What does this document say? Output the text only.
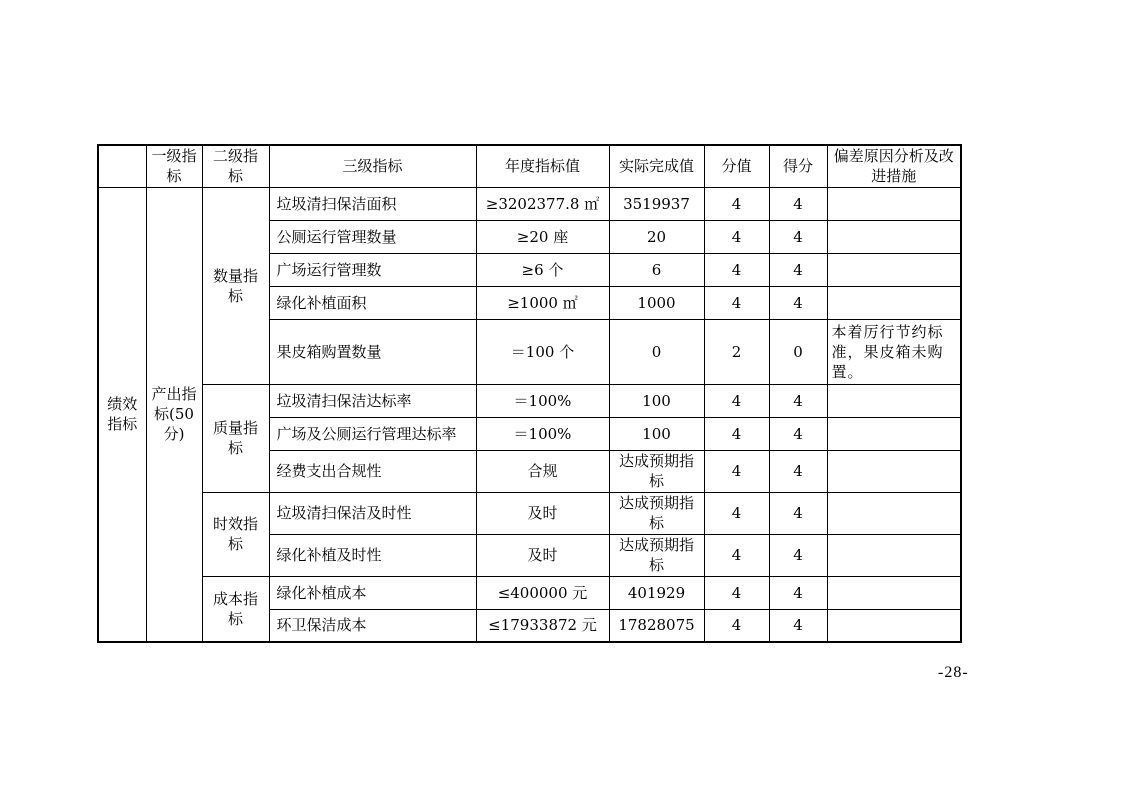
	一级指标	二级指标	三级指标	年度指标值	实际完成值	分值	得分	偏差原因分析及改进措施
绩效指标	产出指标(50分)	数量指标	垃圾清扫保洁面积	≥3202377.8 ㎡	3519937	4	4	
			公厕运行管理数量	≥20 座	20	4	4	
			广场运行管理数	≥6 个	6	4	4	
			绿化补植面积	≥1000 ㎡	1000	4	4	
			果皮箱购置数量	＝100 个	0	2	0	本着厉行节约标准，果皮箱未购置。
		质量指标	垃圾清扫保洁达标率	＝100%	100	4	4	
			广场及公厕运行管理达标率	＝100%	100	4	4	
			经费支出合规性	合规	达成预期指标	4	4	
		时效指标	垃圾清扫保洁及时性	及时	达成预期指标	4	4	
			绿化补植及时性	及时	达成预期指标	4	4	
		成本指标	绿化补植成本	≤400000 元	401929	4	4	
			环卫保洁成本	≤17933872 元	17828075	4	4	
-28-
